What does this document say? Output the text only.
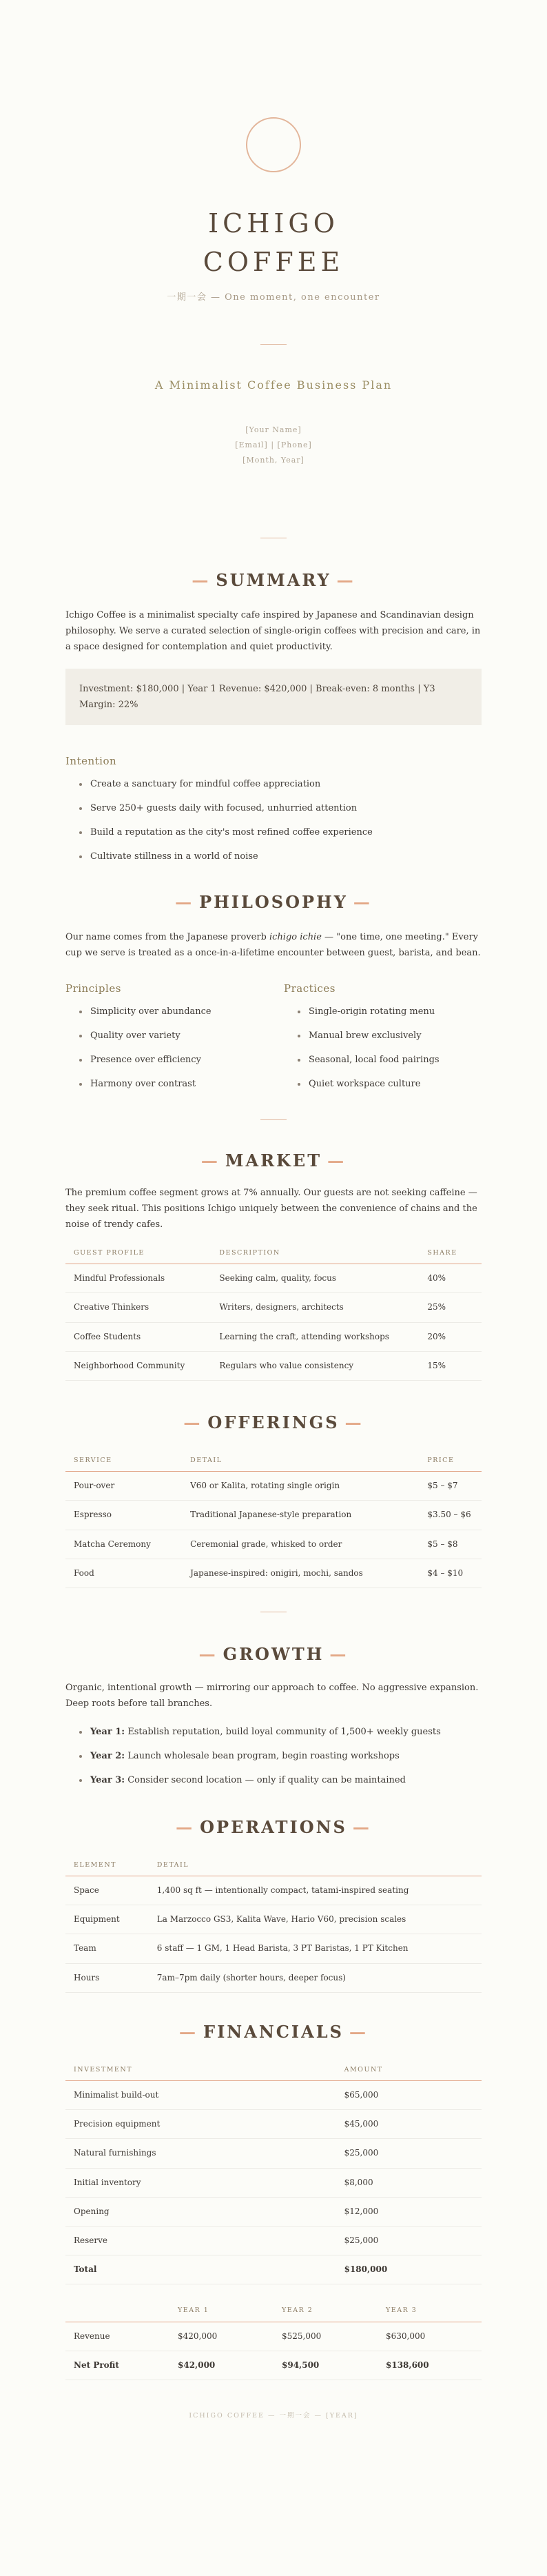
ICHIGO
COFFEE
一期一会 — One moment, one encounter
A Minimalist Coffee Business Plan
[Your Name]
[Email] | [Phone]
[Month, Year]
— SUMMARY —

Ichigo Coffee is a minimalist specialty cafe inspired by Japanese and Scandinavian design philosophy. We serve a curated selection of single-origin coffees with precision and care, in a space designed for contemplation and quiet productivity.

Investment: $180,000 | Year 1 Revenue: $420,000 | Break-even: 8 months | Y3 Margin: 22%
Intention
Create a sanctuary for mindful coffee appreciation
Serve 250+ guests daily with focused, unhurried attention
Build a reputation as the city's most refined coffee experience
Cultivate stillness in a world of noise
— PHILOSOPHY —

Our name comes from the Japanese proverb ichigo ichie — "one time, one meeting." Every cup we serve is treated as a once-in-a-lifetime encounter between guest, barista, and bean.

Principles
Simplicity over abundance
Quality over variety
Presence over efficiency
Harmony over contrast
Practices
Single-origin rotating menu
Manual brew exclusively
Seasonal, local food pairings
Quiet workspace culture
— MARKET —

The premium coffee segment grows at 7% annually. Our guests are not seeking caffeine — they seek ritual. This positions Ichigo uniquely between the convenience of chains and the noise of trendy cafes.

GUEST PROFILE	DESCRIPTION	SHARE
Mindful Professionals	Seeking calm, quality, focus	40%
Creative Thinkers	Writers, designers, architects	25%
Coffee Students	Learning the craft, attending workshops	20%
Neighborhood Community	Regulars who value consistency	15%
— OFFERINGS —
SERVICE	DETAIL	PRICE
Pour-over	V60 or Kalita, rotating single origin	$5 – $7
Espresso	Traditional Japanese-style preparation	$3.50 – $6
Matcha Ceremony	Ceremonial grade, whisked to order	$5 – $8
Food	Japanese-inspired: onigiri, mochi, sandos	$4 – $10
— GROWTH —

Organic, intentional growth — mirroring our approach to coffee. No aggressive expansion. Deep roots before tall branches.

Year 1: Establish reputation, build loyal community of 1,500+ weekly guests
Year 2: Launch wholesale bean program, begin roasting workshops
Year 3: Consider second location — only if quality can be maintained
— OPERATIONS —
ELEMENT	DETAIL
Space	1,400 sq ft — intentionally compact, tatami-inspired seating
Equipment	La Marzocco GS3, Kalita Wave, Hario V60, precision scales
Team	6 staff — 1 GM, 1 Head Barista, 3 PT Baristas, 1 PT Kitchen
Hours	7am–7pm daily (shorter hours, deeper focus)
— FINANCIALS —
INVESTMENT	AMOUNT
Minimalist build-out	$65,000
Precision equipment	$45,000
Natural furnishings	$25,000
Initial inventory	$8,000
Opening	$12,000
Reserve	$25,000
Total	$180,000
	YEAR 1	YEAR 2	YEAR 3
Revenue	$420,000	$525,000	$630,000
Net Profit	$42,000	$94,500	$138,600
ICHIGO COFFEE — 一期一会 — [YEAR]
